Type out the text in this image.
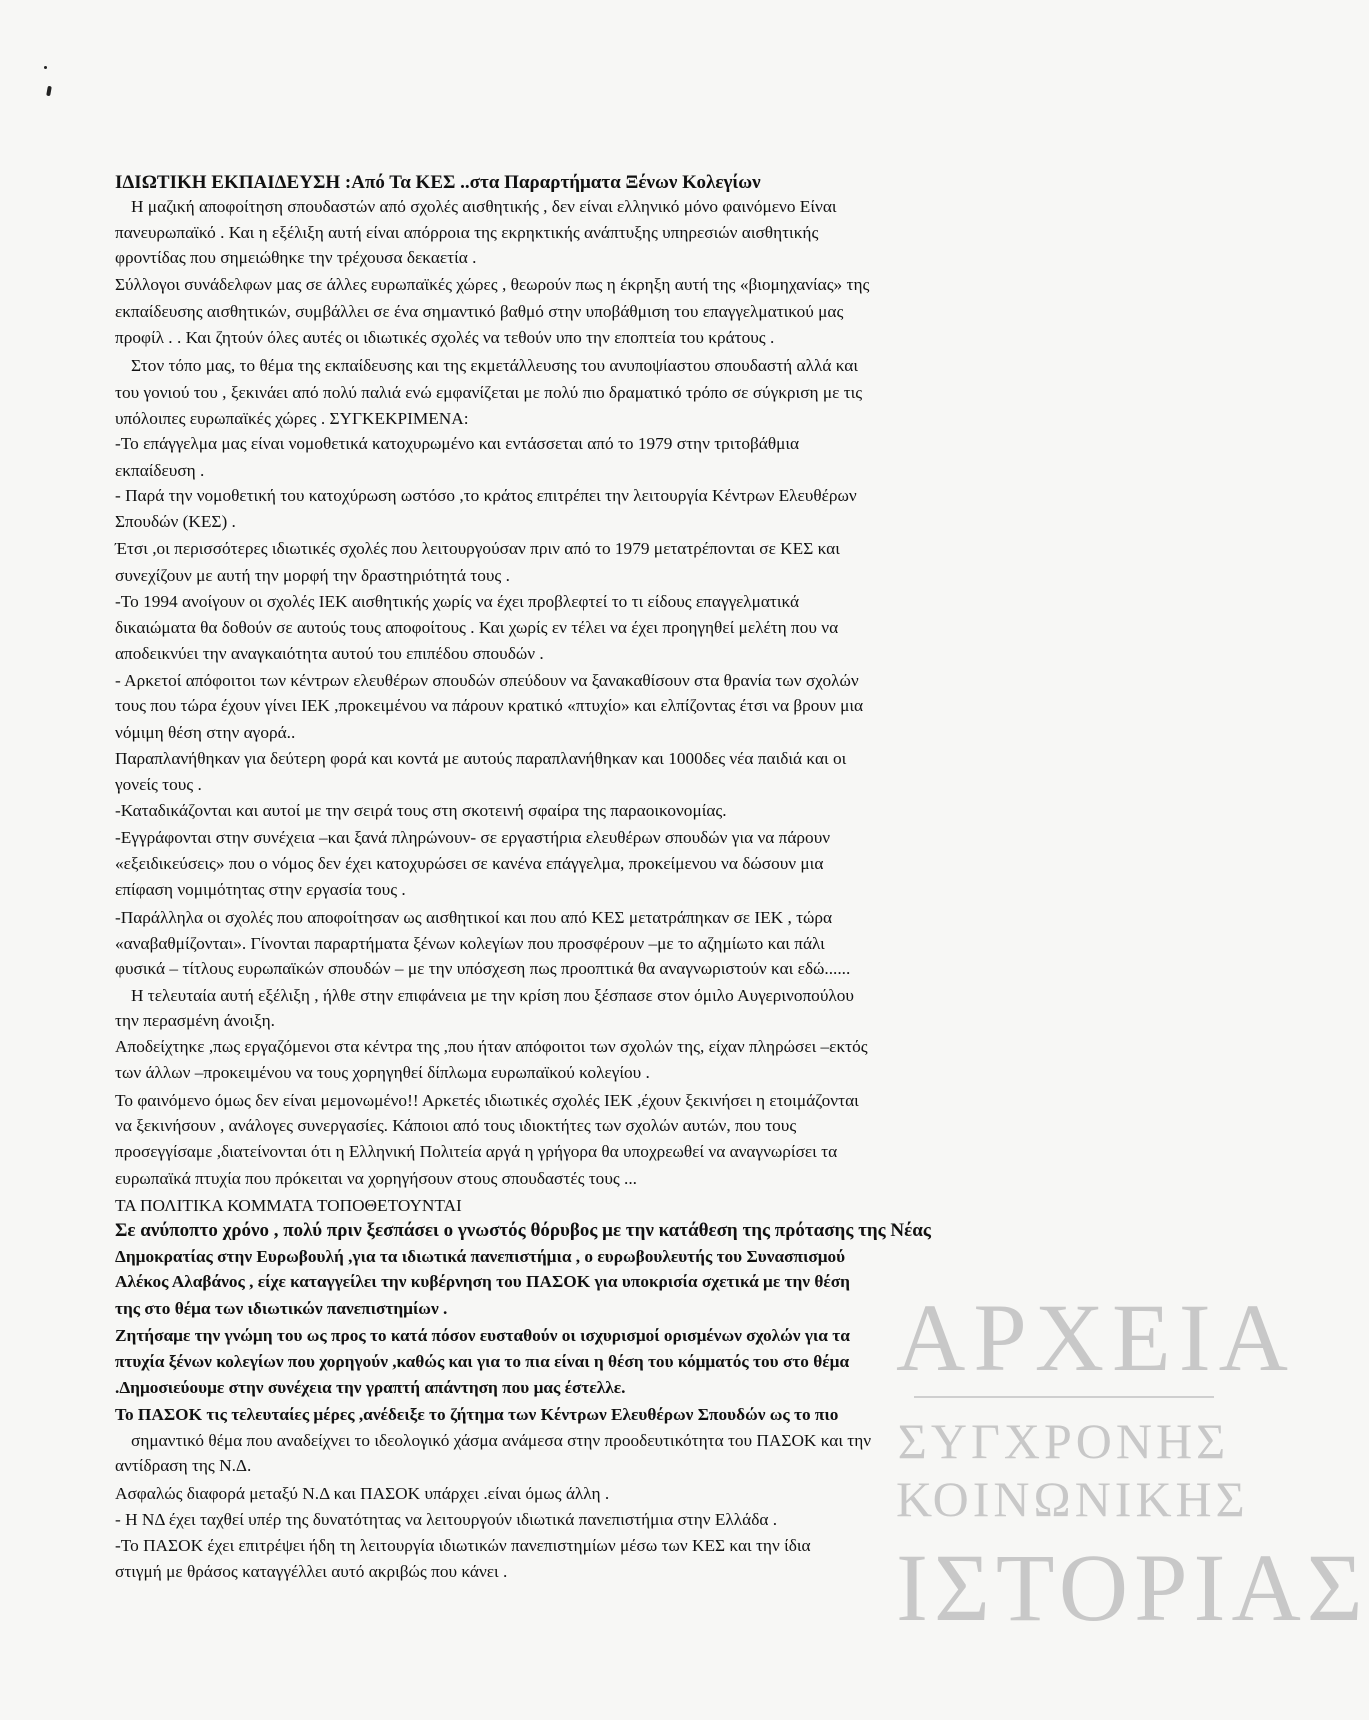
ΑΡΧΕΙΑ
ΣΥΓΧΡΟΝΗΣ
ΚΟΙΝΩΝΙΚΗΣ
ΙΣΤΟΡΙΑΣ
ΙΔΙΩΤΙΚΗ ΕΚΠΑΙΔΕΥΣΗ :Από Τα ΚΕΣ ..στα Παραρτήματα Ξένων Κολεγίων
Η μαζική αποφοίτηση σπουδαστών από σχολές αισθητικής , δεν είναι ελληνικό μόνο φαινόμενο Είναι
πανευρωπαϊκό . Και η εξέλιξη αυτή είναι απόρροια της εκρηκτικής ανάπτυξης υπηρεσιών αισθητικής
φροντίδας που σημειώθηκε την τρέχουσα δεκαετία .
Σύλλογοι συνάδελφων μας σε άλλες ευρωπαϊκές χώρες , θεωρούν πως η έκρηξη αυτή της «βιομηχανίας» της
εκπαίδευσης αισθητικών, συμβάλλει σε ένα σημαντικό βαθμό στην υποβάθμιση του επαγγελματικού μας
προφίλ . . Και ζητούν όλες αυτές οι ιδιωτικές σχολές να τεθούν υπο την εποπτεία του κράτους .
Στον τόπο μας, το θέμα της εκπαίδευσης και της εκμετάλλευσης του ανυποψίαστου σπουδαστή αλλά και
του γονιού του , ξεκινάει από πολύ παλιά ενώ εμφανίζεται με πολύ πιο δραματικό τρόπο σε σύγκριση με τις
υπόλοιπες ευρωπαϊκές χώρες . ΣΥΓΚΕΚΡΙΜΕΝΑ:
-Το επάγγελμα μας είναι νομοθετικά κατοχυρωμένο και εντάσσεται από το 1979 στην τριτοβάθμια
εκπαίδευση .
- Παρά την νομοθετική του κατοχύρωση ωστόσο ,το κράτος επιτρέπει την λειτουργία Κέντρων Ελευθέρων
Σπουδών (ΚΕΣ) .
Έτσι ,οι περισσότερες ιδιωτικές σχολές που λειτουργούσαν πριν από το 1979 μετατρέπονται σε ΚΕΣ και
συνεχίζουν με αυτή την μορφή την δραστηριότητά τους .
-Το 1994 ανοίγουν οι σχολές ΙΕΚ αισθητικής χωρίς να έχει προβλεφτεί το τι είδους επαγγελματικά
δικαιώματα θα δοθούν σε αυτούς τους αποφοίτους . Και χωρίς εν τέλει να έχει προηγηθεί μελέτη που να
αποδεικνύει την αναγκαιότητα αυτού του επιπέδου σπουδών .
- Αρκετοί απόφοιτοι των κέντρων ελευθέρων σπουδών σπεύδουν να ξανακαθίσουν στα θρανία των σχολών
τους που τώρα έχουν γίνει ΙΕΚ ,προκειμένου να πάρουν κρατικό «πτυχίο» και ελπίζοντας έτσι να βρουν μια
νόμιμη θέση στην αγορά..
Παραπλανήθηκαν για δεύτερη φορά και κοντά με αυτούς παραπλανήθηκαν και 1000δες νέα παιδιά και οι
γονείς τους .
-Καταδικάζονται και αυτοί με την σειρά τους στη σκοτεινή σφαίρα της παραοικονομίας.
-Εγγράφονται στην συνέχεια –και ξανά πληρώνουν- σε εργαστήρια ελευθέρων σπουδών για να πάρουν
«εξειδικεύσεις» που ο νόμος δεν έχει κατοχυρώσει σε κανένα επάγγελμα, προκείμενου να δώσουν μια
επίφαση νομιμότητας στην εργασία τους .
-Παράλληλα οι σχολές που αποφοίτησαν ως αισθητικοί και που από ΚΕΣ μετατράπηκαν σε ΙΕΚ , τώρα
«αναβαθμίζονται». Γίνονται παραρτήματα ξένων κολεγίων που προσφέρουν –με το αζημίωτο και πάλι
φυσικά – τίτλους ευρωπαϊκών σπουδών – με την υπόσχεση πως προοπτικά θα αναγνωριστούν και εδώ......
Η τελευταία αυτή εξέλιξη , ήλθε στην επιφάνεια με την κρίση που ξέσπασε στον όμιλο Αυγερινοπούλου
την περασμένη άνοιξη.
Αποδείχτηκε ,πως εργαζόμενοι στα κέντρα της ,που ήταν απόφοιτοι των σχολών της, είχαν πληρώσει –εκτός
των άλλων –προκειμένου να τους χορηγηθεί δίπλωμα ευρωπαϊκού κολεγίου .
Το φαινόμενο όμως δεν είναι μεμονωμένο!! Αρκετές ιδιωτικές σχολές ΙΕΚ ,έχουν ξεκινήσει η ετοιμάζονται
να ξεκινήσουν , ανάλογες συνεργασίες. Κάποιοι από τους ιδιοκτήτες των σχολών αυτών, που τους
προσεγγίσαμε ,διατείνονται ότι η Ελληνική Πολιτεία αργά η γρήγορα θα υποχρεωθεί να αναγνωρίσει τα
ευρωπαϊκά πτυχία που πρόκειται να χορηγήσουν στους σπουδαστές τους ...
ΤΑ ΠΟΛΙΤΙΚΑ ΚΟΜΜΑΤΑ ΤΟΠΟΘΕΤΟΥΝΤΑΙ
Σε ανύποπτο χρόνο , πολύ πριν ξεσπάσει ο γνωστός θόρυβος με την κατάθεση της πρότασης της Νέας
Δημοκρατίας στην Ευρωβουλή ,για τα ιδιωτικά πανεπιστήμια , ο ευρωβουλευτής του Συνασπισμού
Αλέκος Αλαβάνος , είχε καταγγείλει την κυβέρνηση του ΠΑΣΟΚ για υποκρισία σχετικά με την θέση
της στο θέμα των ιδιωτικών πανεπιστημίων .
Ζητήσαμε την γνώμη του ως προς το κατά πόσον ευσταθούν οι ισχυρισμοί ορισμένων σχολών για τα
πτυχία ξένων κολεγίων που χορηγούν ,καθώς και για το πια είναι η θέση του κόμματός του στο θέμα
.Δημοσιεύουμε στην συνέχεια την γραπτή απάντηση που μας έστελλε.
Το ΠΑΣΟΚ τις τελευταίες μέρες ,ανέδειξε το ζήτημα των Κέντρων Ελευθέρων Σπουδών ως το πιο
σημαντικό θέμα που αναδείχνει το ιδεολογικό χάσμα ανάμεσα στην προοδευτικότητα του ΠΑΣΟΚ και την
αντίδραση της Ν.Δ.
Ασφαλώς διαφορά μεταξύ Ν.Δ και ΠΑΣΟΚ υπάρχει .είναι όμως άλλη .
- Η ΝΔ έχει ταχθεί υπέρ της δυνατότητας να λειτουργούν ιδιωτικά πανεπιστήμια στην Ελλάδα .
-Το ΠΑΣΟΚ έχει επιτρέψει ήδη τη λειτουργία ιδιωτικών πανεπιστημίων μέσω των ΚΕΣ και την ίδια
στιγμή με θράσος καταγγέλλει αυτό ακριβώς που κάνει .
